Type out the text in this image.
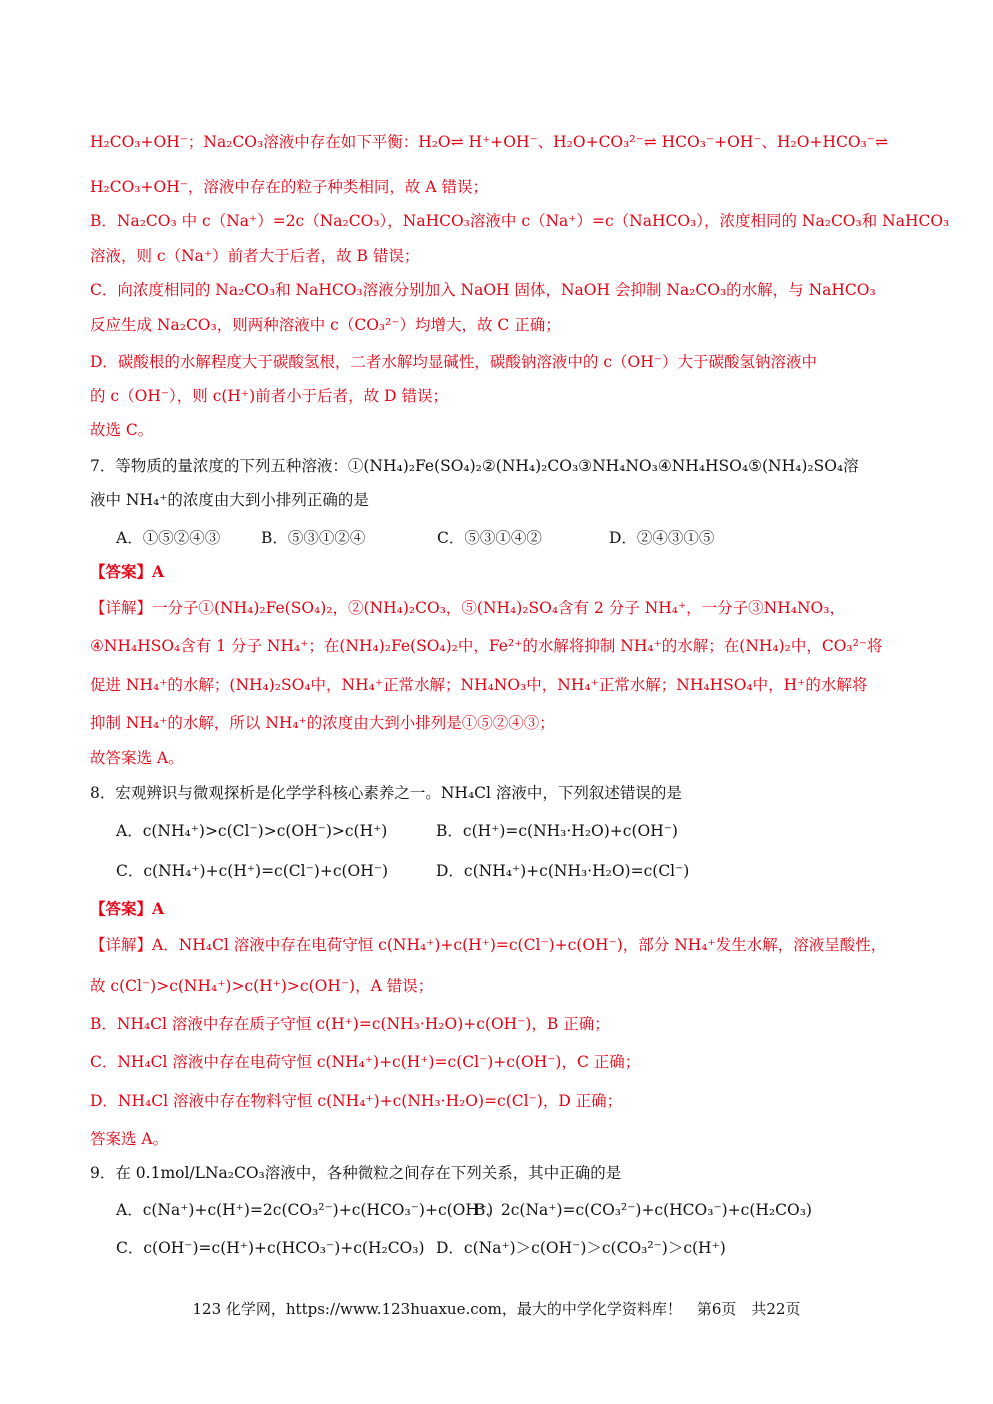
H₂CO₃+OH⁻；Na₂CO₃溶液中存在如下平衡：H₂O⇌ H⁺+OH⁻、H₂O+CO₃²⁻⇌ HCO₃⁻+OH⁻、H₂O+HCO₃⁻⇌
H₂CO₃+OH⁻，溶液中存在的粒子种类相同，故 A 错误；
B．Na₂CO₃ 中 c（Na⁺）=2c（Na₂CO₃），NaHCO₃溶液中 c（Na⁺）=c（NaHCO₃），浓度相同的 Na₂CO₃和 NaHCO₃
溶液，则 c（Na⁺）前者大于后者，故 B 错误；
C．向浓度相同的 Na₂CO₃和 NaHCO₃溶液分别加入 NaOH 固体，NaOH 会抑制 Na₂CO₃的水解，与 NaHCO₃
反应生成 Na₂CO₃，则两种溶液中 c（CO₃²⁻）均增大，故 C 正确；
D．碳酸根的水解程度大于碳酸氢根，二者水解均显碱性，碳酸钠溶液中的 c（OH⁻）大于碳酸氢钠溶液中
的 c（OH⁻），则 c(H⁺)前者小于后者，故 D 错误；
故选 C。
7．等物质的量浓度的下列五种溶液：①(NH₄)₂Fe(SO₄)₂②(NH₄)₂CO₃③NH₄NO₃④NH₄HSO₄⑤(NH₄)₂SO₄溶
液中 NH₄⁺的浓度由大到小排列正确的是
A．①⑤②④③	B．⑤③①②④	C．⑤③①④②	D．②④③①⑤
【答案】A
【详解】一分子①(NH₄)₂Fe(SO₄)₂，②(NH₄)₂CO₃，⑤(NH₄)₂SO₄含有 2 分子 NH₄⁺，一分子③NH₄NO₃，
④NH₄HSO₄含有 1 分子 NH₄⁺；在(NH₄)₂Fe(SO₄)₂中，Fe²⁺的水解将抑制 NH₄⁺的水解；在(NH₄)₂中，CO₃²⁻将
促进 NH₄⁺的水解；(NH₄)₂SO₄中，NH₄⁺正常水解；NH₄NO₃中，NH₄⁺正常水解；NH₄HSO₄中，H⁺的水解将
抑制 NH₄⁺的水解，所以 NH₄⁺的浓度由大到小排列是①⑤②④③；
故答案选 A。
8．宏观辨识与微观探析是化学学科核心素养之一。NH₄Cl 溶液中，下列叙述错误的是
A．c(NH₄⁺)>c(Cl⁻)>c(OH⁻)>c(H⁺)	B．c(H⁺)=c(NH₃·H₂O)+c(OH⁻)
C．c(NH₄⁺)+c(H⁺)=c(Cl⁻)+c(OH⁻)	D．c(NH₄⁺)+c(NH₃·H₂O)=c(Cl⁻)
【答案】A
【详解】A．NH₄Cl 溶液中存在电荷守恒 c(NH₄⁺)+c(H⁺)=c(Cl⁻)+c(OH⁻)，部分 NH₄⁺发生水解，溶液呈酸性，
故 c(Cl⁻)>c(NH₄⁺)>c(H⁺)>c(OH⁻)，A 错误；
B．NH₄Cl 溶液中存在质子守恒 c(H⁺)=c(NH₃·H₂O)+c(OH⁻)，B 正确；
C．NH₄Cl 溶液中存在电荷守恒 c(NH₄⁺)+c(H⁺)=c(Cl⁻)+c(OH⁻)，C 正确；
D．NH₄Cl 溶液中存在物料守恒 c(NH₄⁺)+c(NH₃·H₂O)=c(Cl⁻)，D 正确；
答案选 A。
9．在 0.1mol/LNa₂CO₃溶液中，各种微粒之间存在下列关系，其中正确的是
A．c(Na⁺)+c(H⁺)=2c(CO₃²⁻)+c(HCO₃⁻)+c(OH⁻)
B．2c(Na⁺)=c(CO₃²⁻)+c(HCO₃⁻)+c(H₂CO₃)
C．c(OH⁻)=c(H⁺)+c(HCO₃⁻)+c(H₂CO₃) D．c(Na⁺)＞c(OH⁻)＞c(CO₃²⁻)＞c(H⁺)
123 化学网，https://www.123huaxue.com，最大的中学化学资料库！　第6页　共22页
